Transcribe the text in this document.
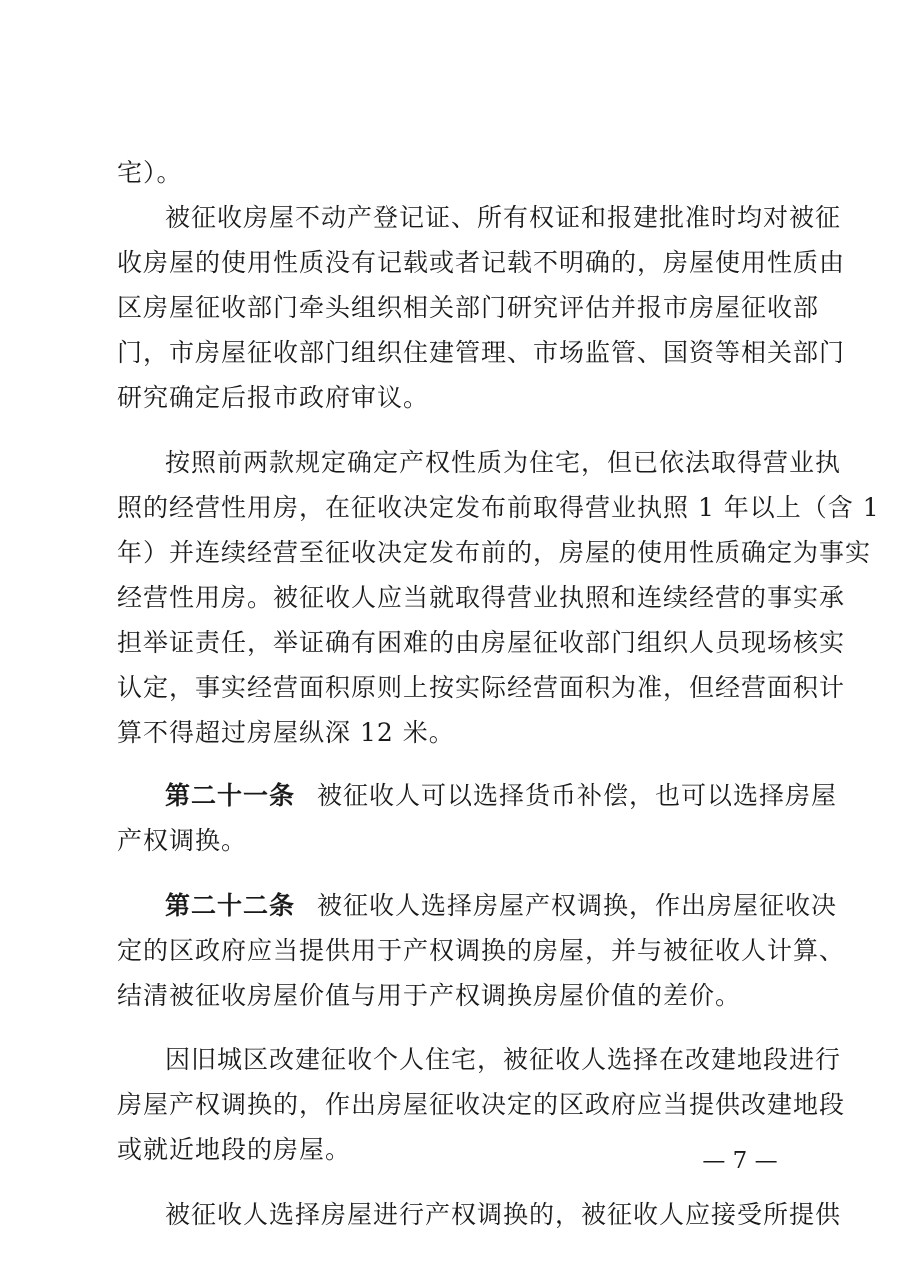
宅）。
被征收房屋不动产登记证、所有权证和报建批准时均对被征
收房屋的使用性质没有记载或者记载不明确的，房屋使用性质由
区房屋征收部门牵头组织相关部门研究评估并报市房屋征收部
门，市房屋征收部门组织住建管理、市场监管、国资等相关部门
研究确定后报市政府审议。
按照前两款规定确定产权性质为住宅，但已依法取得营业执
照的经营性用房，在征收决定发布前取得营业执照 1 年以上（含 1
年）并连续经营至征收决定发布前的，房屋的使用性质确定为事实
经营性用房。被征收人应当就取得营业执照和连续经营的事实承
担举证责任，举证确有困难的由房屋征收部门组织人员现场核实
认定，事实经营面积原则上按实际经营面积为准，但经营面积计
算不得超过房屋纵深 12 米。
第二十一条 被征收人可以选择货币补偿，也可以选择房屋
产权调换。
第二十二条 被征收人选择房屋产权调换，作出房屋征收决
定的区政府应当提供用于产权调换的房屋，并与被征收人计算、
结清被征收房屋价值与用于产权调换房屋价值的差价。
因旧城区改建征收个人住宅，被征收人选择在改建地段进行
房屋产权调换的，作出房屋征收决定的区政府应当提供改建地段
或就近地段的房屋。
被征收人选择房屋进行产权调换的，被征收人应接受所提供
— 7 —
